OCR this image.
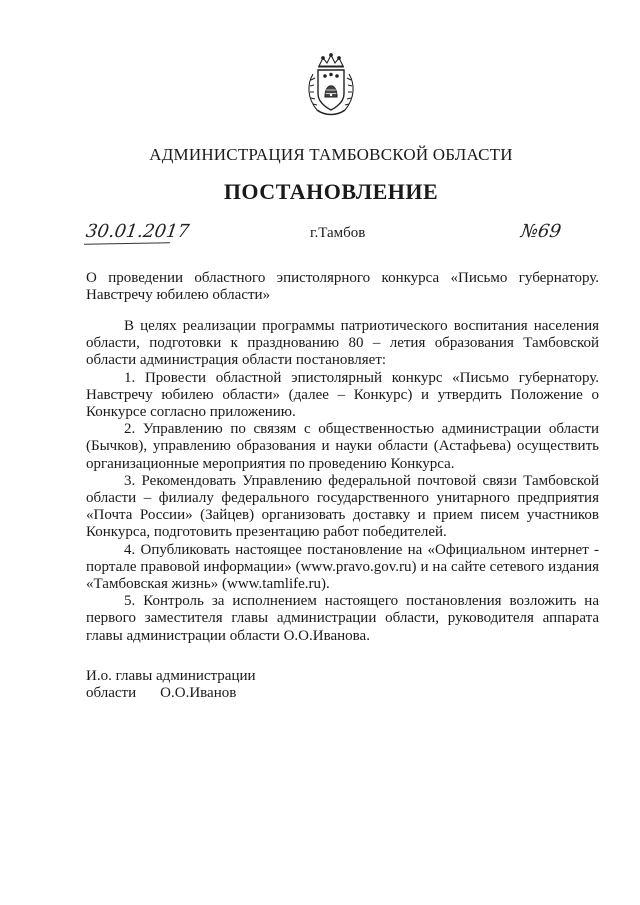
АДМИНИСТРАЦИЯ ТАМБОВСКОЙ ОБЛАСТИ
ПОСТАНОВЛЕНИЕ
30.01.2017	г.Тамбов	№69
О проведении областного эпистолярного конкурса «Письмо губернатору. Навстречу юбилею области»

В целях реализации программы патриотического воспитания населения области, подготовки к празднованию 80 – летия образования Тамбовской области администрация области постановляет:

1. Провести областной эпистолярный конкурс «Письмо губернатору. Навстречу юбилею области» (далее – Конкурс) и утвердить Положение о Конкурсе согласно приложению.

2. Управлению по связям с общественностью администрации области (Бычков), управлению образования и науки области (Астафьева) осуществить организационные мероприятия по проведению Конкурса.

3. Рекомендовать Управлению федеральной почтовой связи Тамбовской области – филиалу федерального государственного унитарного предприятия «Почта России» (Зайцев) организовать доставку и прием писем участников Конкурса, подготовить презентацию работ победителей.

4. Опубликовать настоящее постановление на «Официальном интернет - портале правовой информации» (www.pravo.gov.ru) и на сайте сетевого издания «Тамбовская жизнь» (www.tamlife.ru).

5. Контроль за исполнением настоящего постановления возложить на первого заместителя главы администрации области, руководителя аппарата главы администрации области О.О.Иванова.

И.о. главы администрации
области О.О.Иванов
